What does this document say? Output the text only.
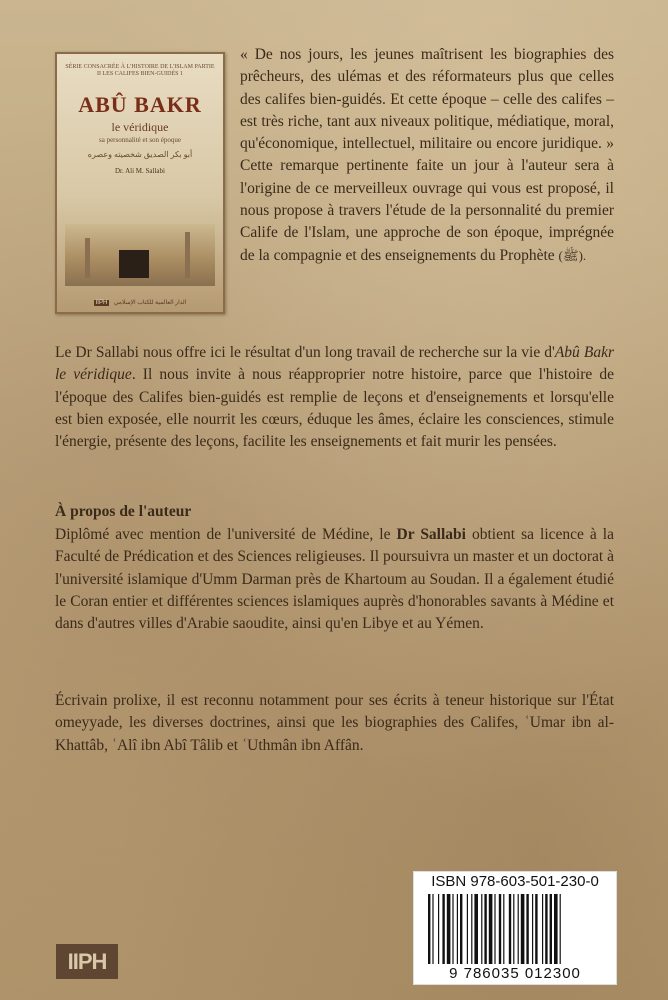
SÉRIE CONSACRÉE À L'HISTOIRE DE L'ISLAM PARTIE II LES CALIFES BIEN-GUIDÉS 1
ABÛ BAKR
le véridique
sa personnalité et son époque
أبو بكر الصديق شخصيته وعصره
Dr. Ali M. Sallabi
IIPH الدار العالمية للكتاب الإسلامي

« De nos jours, les jeunes maîtrisent les biographies des prêcheurs, des ulémas et des réformateurs plus que celles des califes bien-guidés. Et cette époque – celle des califes – est très riche, tant aux niveaux politique, médiatique, moral, qu'économique, intellectuel, militaire ou encore juridique. » Cette remarque pertinente faite un jour à l'auteur sera à l'origine de ce merveilleux ouvrage qui vous est proposé, il nous propose à travers l'étude de la personnalité du premier Calife de l'Islam, une approche de son époque, imprégnée de la compagnie et des enseignements du Prophète (ﷺ).

Le Dr Sallabi nous offre ici le résultat d'un long travail de recherche sur la vie d'Abû Bakr le véridique. Il nous invite à nous réapproprier notre histoire, parce que l'histoire de l'époque des Califes bien-guidés est remplie de leçons et d'enseignements et lorsqu'elle est bien exposée, elle nourrit les cœurs, éduque les âmes, éclaire les consciences, stimule l'énergie, présente des leçons, facilite les enseignements et fait murir les pensées.

À propos de l'auteur

Diplômé avec mention de l'université de Médine, le Dr Sallabi obtient sa licence à la Faculté de Prédication et des Sciences religieuses. Il poursuivra un master et un doctorat à l'université islamique d'Umm Darman près de Khartoum au Soudan. Il a également étudié le Coran entier et différentes sciences islamiques auprès d'honorables savants à Médine et dans d'autres villes d'Arabie saoudite, ainsi qu'en Libye et au Yémen.

Écrivain prolixe, il est reconnu notamment pour ses écrits à teneur historique sur l'État omeyyade, les diverses doctrines, ainsi que les biographies des Califes, ʿUmar ibn al-Khattâb, ʿAlî ibn Abî Tâlib et ʿUthmân ibn Affân.

ISBN 978-603-501-230-0
9 786035 012300
IIPH
